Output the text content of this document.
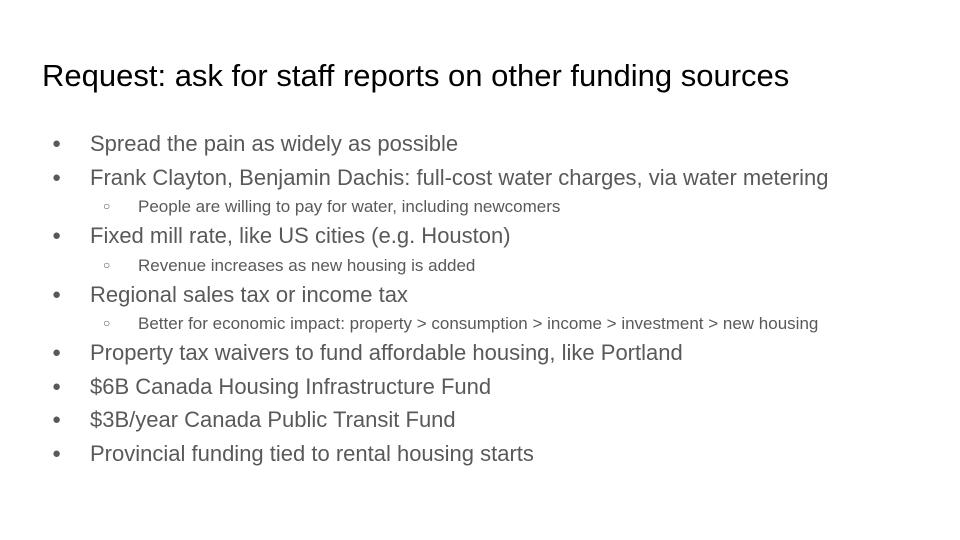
Request: ask for staff reports on other funding sources
● Spread the pain as widely as possible
● Frank Clayton, Benjamin Dachis: full-cost water charges, via water metering
○ People are willing to pay for water, including newcomers
● Fixed mill rate, like US cities (e.g. Houston)
○ Revenue increases as new housing is added
● Regional sales tax or income tax
○ Better for economic impact: property > consumption > income > investment > new housing
● Property tax waivers to fund affordable housing, like Portland
● $6B Canada Housing Infrastructure Fund
● $3B/year Canada Public Transit Fund
● Provincial funding tied to rental housing starts
